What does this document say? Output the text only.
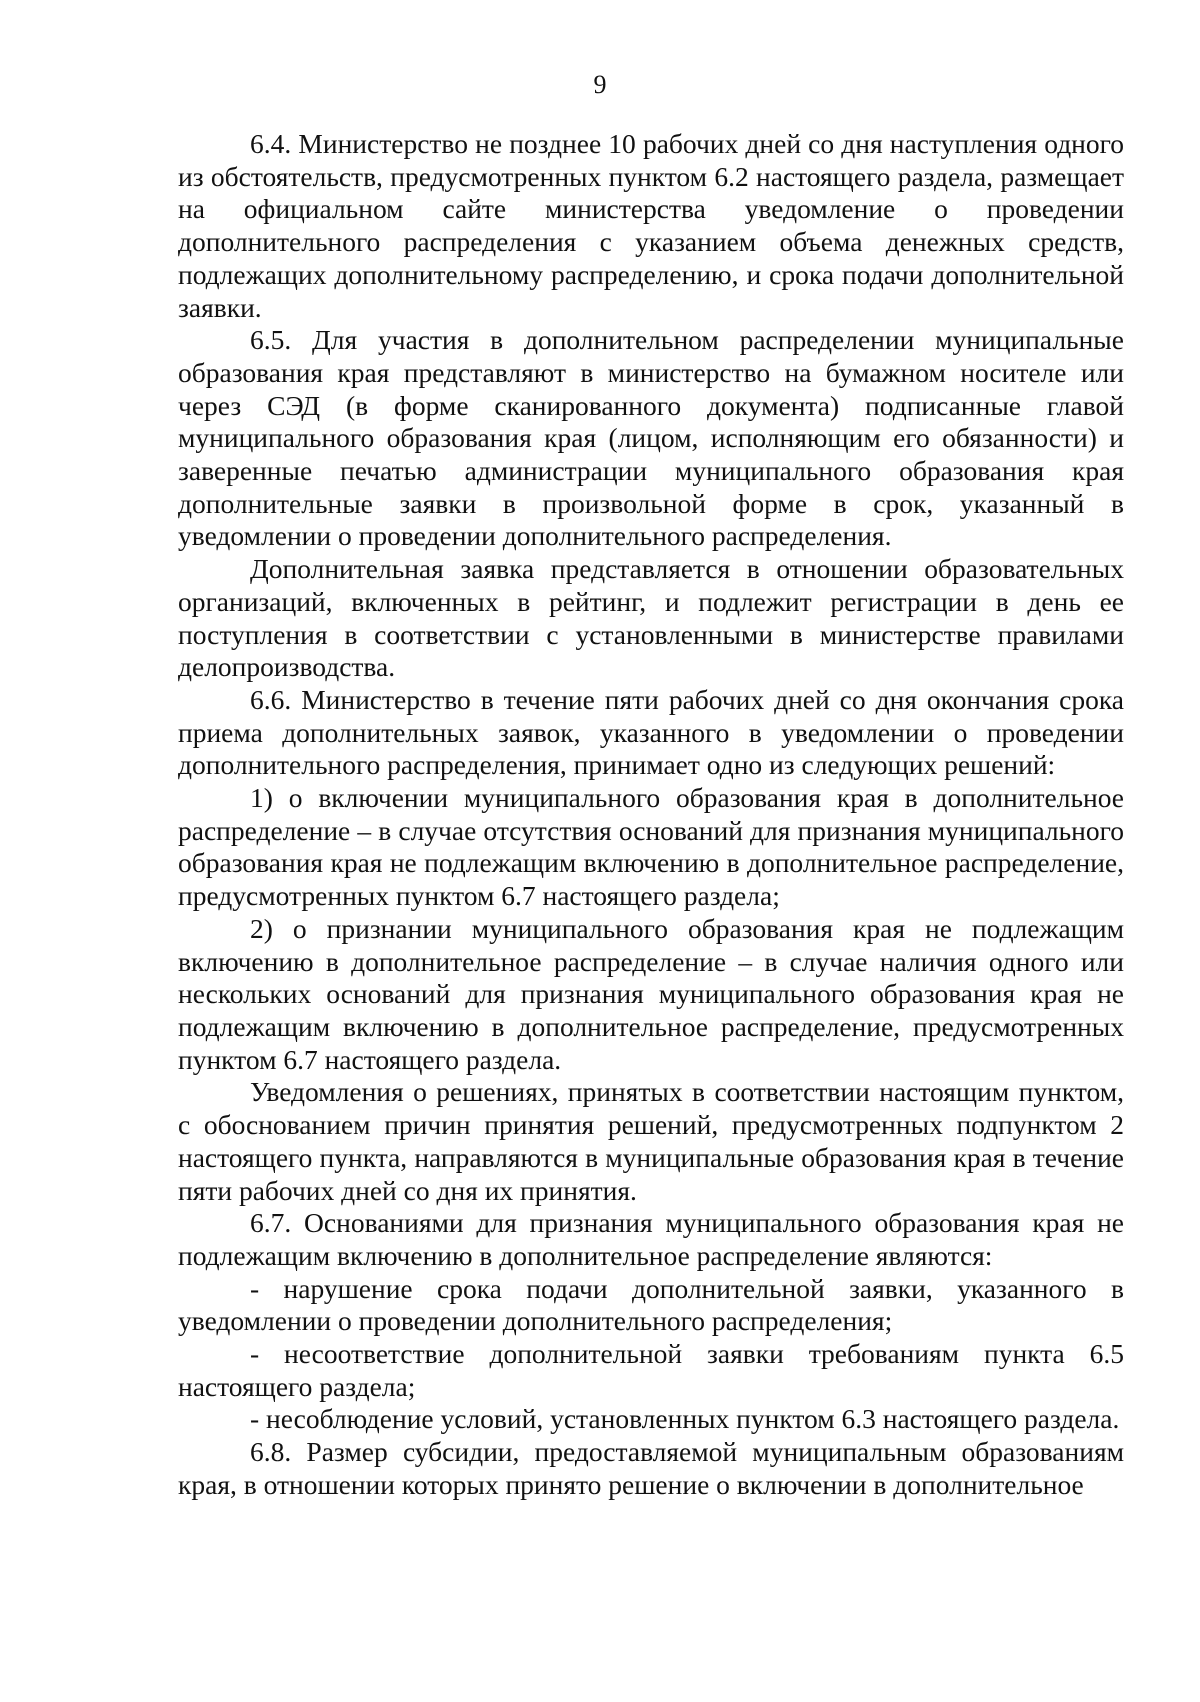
9

6.4. Министерство не позднее 10 рабочих дней со дня наступления одного из обстоятельств, предусмотренных пунктом 6.2 настоящего раздела, размещает на официальном сайте министерства уведомление о проведении дополнительного распределения с указанием объема денежных средств, подлежащих дополнительному распределению, и срока подачи дополнительной заявки.

6.5. Для участия в дополнительном распределении муниципальные образования края представляют в министерство на бумажном носителе или через СЭД (в форме сканированного документа) подписанные главой муниципального образования края (лицом, исполняющим его обязанности) и заверенные печатью администрации муниципального образования края дополнительные заявки в произвольной форме в срок, указанный в уведомлении о проведении дополнительного распределения.

Дополнительная заявка представляется в отношении образовательных организаций, включенных в рейтинг, и подлежит регистрации в день ее поступления в соответствии с установленными в министерстве правилами делопроизводства.

6.6. Министерство в течение пяти рабочих дней со дня окончания срока приема дополнительных заявок, указанного в уведомлении о проведении дополнительного распределения, принимает одно из следующих решений:

1) о включении муниципального образования края в дополнительное распределение – в случае отсутствия оснований для признания муниципального образования края не подлежащим включению в дополнительное распределение, предусмотренных пунктом 6.7 настоящего раздела;

2) о признании муниципального образования края не подлежащим включению в дополнительное распределение – в случае наличия одного или нескольких оснований для признания муниципального образования края не подлежащим включению в дополнительное распределение, предусмотренных пунктом 6.7 настоящего раздела.

Уведомления о решениях, принятых в соответствии настоящим пунктом, с обоснованием причин принятия решений, предусмотренных подпунктом 2 настоящего пункта, направляются в муниципальные образования края в течение пяти рабочих дней со дня их принятия.

6.7. Основаниями для признания муниципального образования края не подлежащим включению в дополнительное распределение являются:

- нарушение срока подачи дополнительной заявки, указанного в уведомлении о проведении дополнительного распределения;

- несоответствие дополнительной заявки требованиям пункта 6.5 настоящего раздела;

- несоблюдение условий, установленных пунктом 6.3 настоящего раздела.

6.8. Размер субсидии, предоставляемой муниципальным образованиям края, в отношении которых принято решение о включении в дополнительное
